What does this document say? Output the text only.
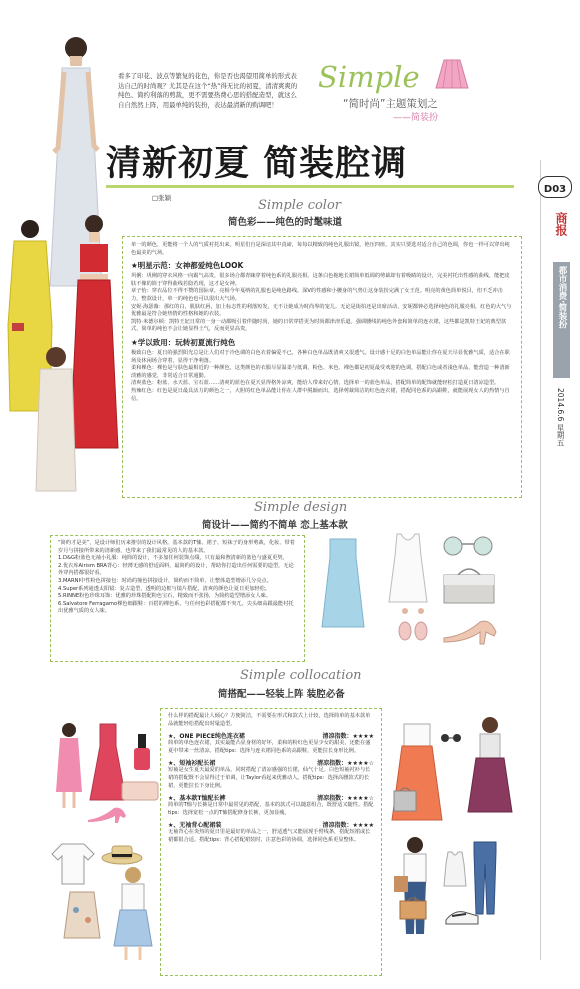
看多了印花、波点等繁复的花色，你是否也渴望用简单的形式表达自己的时尚观？尤其是在这个“热”得无比的初夏，清清爽爽的纯色、简约利落的剪裁，更不需要热费心思的搭配造型，就这么自自然然上阵，用最单纯的装扮，表达最清新的购调吧！
Simple
“简时尚”主题策划之
——简装扮
清新初夏 简装腔调
□张颖
D03
商报
都市消费·简装扮
2014.6.6 星期五
Simple color
简色彩——纯色的时髦味道
单一的颜色，更能将一个人的气质衬托出来。明星们自是深谙其中真谛，每每以精致的纯色礼服出镜，艳压四座，其实只要选对适合自己的色调，你也一样可以穿出纯色最美的气场。
★明星示范：女神都爱纯色LOOK
巩俐：巩俐的穿衣风格一向霸气高贵，很多场合都青睐穿着纯色系的礼服亮相。这条白色拖地长裙简单低调的剪裁却有着吸睛的设计，完美衬托出性感的曲线，能把皮肤不像的简于穿得曲线若隐若现，这才是女神。
章子怡：穿衣品位不得不赞的国际章，亮相今年戛纳的礼服也是纯色路线。深V的性感和小腰身的气势让这身装扮完满了女王范。明亮的黄色简单悦目，但不乏冲击力，整款设计，单一的纯色也可以很出大气场。
安妮·海瑟薇：那红的白，肌肤红唇，加上标志性的利落短发，无不让她成为时尚界的宠儿。无论是街拍还是出席活动，安妮都钟必选择纯色的礼服亮相，红色的大气与优雅最是符合她热情的性格和她的衣装。
凯特·米德尔顿：凯特王妃日常的一身一动都吸引着伴随时尚，她的日常穿搭更为时尚都津津乐道。强调腰线的纯色外套和简单的连衣裙，这些都是凯特王妃的典型款式，简单的纯色不会让她显得土气，反而更显高贵。
★学以致用：玩转初夏流行纯色
极致白色：夏日的强烈阳光总是让人们对于冷色调的白色衣着偏爱不已，各种白色单品既清爽又很透气。设计感十足的白色单品能让你在夏天尽显优雅气质，适合在职场及休闲场合穿着，显得干净利落。
柔和裸色：裸色是与肤色最相近的一种颜色，这类颜色的衣服尽显温柔与低调，粉色、米色、裸色都是初夏最受欢迎的色调，搭配白色或者浅色单品，能营造一种清新淡雅的感觉，非常适合日常通勤。
清爽蓝色：粉蓝、水天蓝、宝石蓝……清爽的蓝色在夏天显得格外凉爽，能给人带来好心情，选择单一的蓝色单品，搭配简单的配饰就能轻松打造夏日清凉造型。
热辣红色：红色是夏日最具活力的颜色之一，大胆的红色单品能让你在人群中脱颖而出，选择剪裁简洁的红色连衣裙，搭配同色系的高跟鞋，就能展现女人的热情与自信。
Simple design
简设计——简约不简单 恋上基本款
“简约才是美”，是设计师们历来推崇的设计风格。基本款的T恤、裙子、短袜子的身形剪裁，化妆、带着岁月与拼接所带来的清新感，也带来了我们最常见的人的基本款。
1.D&G粉蓝色无袖小礼服：纯简的设计，不多加任何装饰点缀，只有最和煦清新的蓝色与盛夏更契。
2.优衣库Airism BRA背心：轻薄无感的舒适面料，最简约的设计，帮助你打造出任何需要的造型，无论外穿内搭都很好看。
3.MARNI中性粉色拼接包：时尚的撞色拼接设计，简约而不简单，让整体造型增添几分亮点。
4.Super系列通透太阳镜：复古造型，透明的边框与镜片搭配，清爽的颜色让夏日更加轻松。
5.RINNE粉色珍珠耳饰：优雅的珍珠搭配粉色宝石，精致而不张扬，为简约造型增添女人味。
6.Salvatore Ferragamo裸色细跟鞋：百搭的裸色系，与任何色彩搭配都不突兀，尖头细高跟最能衬托出优雅气质的女人味。
Simple collocation
简搭配——轻装上阵 装腔必备
什么样的搭配最让人倾心？方便简洁，不需要在形式和款式上计较，选择简单的基本款单品就能轻松搭配出时髦造型。
★、ONE PIECE纯色连衣裙	清凉指数：★★★★
简单的单色连衣裙，其实最能凸显身材的好坏，柔和的粉红色更显少女的甜美，还能在盛夏中带来一丝清凉。搭配tips：选择与连衣裙同色系的高跟鞋，更能拉长身形比例。
★、短袖衫配长裙	清凉指数：★★★★☆
短袖是女生夏天最爱的单品，同时搭配了清凉感强的长裙，仙气十足。白色短袖衬衫与长裙的搭配既不会显得过于单调，让Taylor看起来优雅动人。搭配tips：选择高腰款式的长裙，更能拉长下身比例。
★、基本款T恤配长裤	清凉指数：★★★★☆
简单的T恤与长裤是日常中最常见的搭配，基本的款式可以随意组合，既舒适又随性。搭配tips：选择宽松一点的T恤搭配修身长裤，更加显瘦。
★、无袖背心配裙装	清凉指数：★★★★
无袖背心在炎热的夏日里是最好的单品之一，舒适透气又能展现手臂线条，搭配短裙或长裙都很合适。搭配tips：背心搭配裙装时，注意色彩的协调，选择同色系更显整体。
